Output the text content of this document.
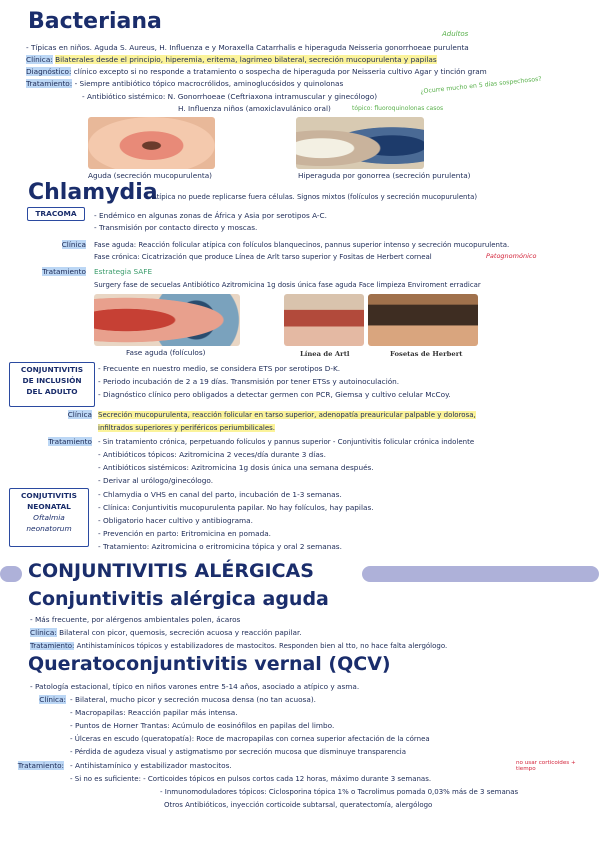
Bacteriana	Adultos
- Típicas en niños. Aguda S. Aureus, H. Influenza e y Moraxella Catarrhalis e hiperaguda Neisseria gonorrhoeae purulenta
Clínica: Bilaterales desde el principio, hiperemia, eritema, lagrimeo bilateral, secreción mucopurulenta y papilas
Diagnóstico: clínico excepto si no responde a tratamiento o sospecha de hiperaguda por Neisseria cultivo Agar y tinción gram
Tratamiento: - Siempre antibiótico tópico macrocrólidos, aminoglucósidos y quinolonas	¿Ocurre mucho en 5 días sospechosos?
- Antibiótico sistémico: N. Gonorrhoeae (Ceftriaxona intramuscular y ginecólogo)
H. Influenza niños (amoxiclavulánico oral)	tópico: fluoroquinolonas casos
Aguda (secreción mucopurulenta)	Hiperaguda por gonorrea (secreción purulenta)
Chlamydia
Atípica no puede replicarse fuera células. Signos mixtos (folículos y secreción mucopurulenta)
TRACOMA	- Endémico en algunas zonas de África y Asia por serotipos A-C.
- Transmisión por contacto directo y moscas.
Clínica Fase aguda: Reacción folicular atípica con folículos blanquecinos, pannus superior intenso y secreción mucopurulenta.
Fase crónica: Cicatrización que produce Línea de Arlt tarso superior y Fositas de Herbert corneal	Patognomónico
Tratamiento Estrategia SAFE
Surgery fase de secuelas Antibiótico Azitromicina 1g dosis única fase aguda Face limpieza Enviroment erradicar
Fase aguda (folículos)	Línea de Artl	Fosetas de Herbert
CONJUNTIVITIS
DE INCLUSIÓN
DEL ADULTO
- Frecuente en nuestro medio, se considera ETS por serotipos D-K.
- Periodo incubación de 2 a 19 días. Transmisión por tener ETSs y autoinoculación.
- Diagnóstico clínico pero obligados a detectar germen con PCR, Giemsa y cultivo celular McCoy.
Clínica Secreción mucopurulenta, reacción folicular en tarso superior, adenopatía preauricular palpable y dolorosa,
infiltrados superiores y periféricos periumbilicales.
Tratamiento - Sin tratamiento crónica, perpetuando folículos y pannus superior - Conjuntivitis folicular crónica indolente
- Antibióticos tópicos: Azitromicina 2 veces/día durante 3 días.
- Antibióticos sistémicos: Azitromicina 1g dosis única una semana después.
- Derivar al urólogo/ginecólogo.
CONJUTIVITIS
NEONATAL
Oftalmia
neonatorum
- Chlamydia o VHS en canal del parto, incubación de 1-3 semanas.
- Clínica: Conjuntivitis mucopurulenta papilar. No hay folículos, hay papilas.
- Obligatorio hacer cultivo y antibiograma.
- Prevención en parto: Eritromicina en pomada.
- Tratamiento: Azitromicina o eritromicina tópica y oral 2 semanas.
CONJUNTIVITIS ALÉRGICAS
Conjuntivitis alérgica aguda
- Más frecuente, por alérgenos ambientales polen, ácaros
Clínica: Bilateral con picor, quemosis, secreción acuosa y reacción papilar.
Tratamiento: Antihistamínicos tópicos y estabilizadores de mastocitos. Responden bien al tto, no hace falta alergólogo.
Queratoconjuntivitis vernal (QCV)
- Patología estacional, típico en niños varones entre 5-14 años, asociado a atípico y asma.
Clínica: - Bilateral, mucho picor y secreción mucosa densa (no tan acuosa).
- Macropapilas: Reacción papilar más intensa.
- Puntos de Horner Trantas: Acúmulo de eosinófilos en papilas del limbo.
- Úlceras en escudo (queratopatía): Roce de macropapilas con cornea superior afectación de la córnea
- Pérdida de agudeza visual y astigmatismo por secreción mucosa que disminuye transparencia
Tratamiento: - Antihistamínico y estabilizador mastocitos.	no usar corticoides + tiempo
- Si no es suficiente: - Corticoides tópicos en pulsos cortos cada 12 horas, máximo durante 3 semanas.
- Inmunomoduladores tópicos: Ciclosporina tópica 1% o Tacrolimus pomada 0,03% más de 3 semanas
Otros Antibióticos, inyección corticoide subtarsal, queratectomía, alergólogo
